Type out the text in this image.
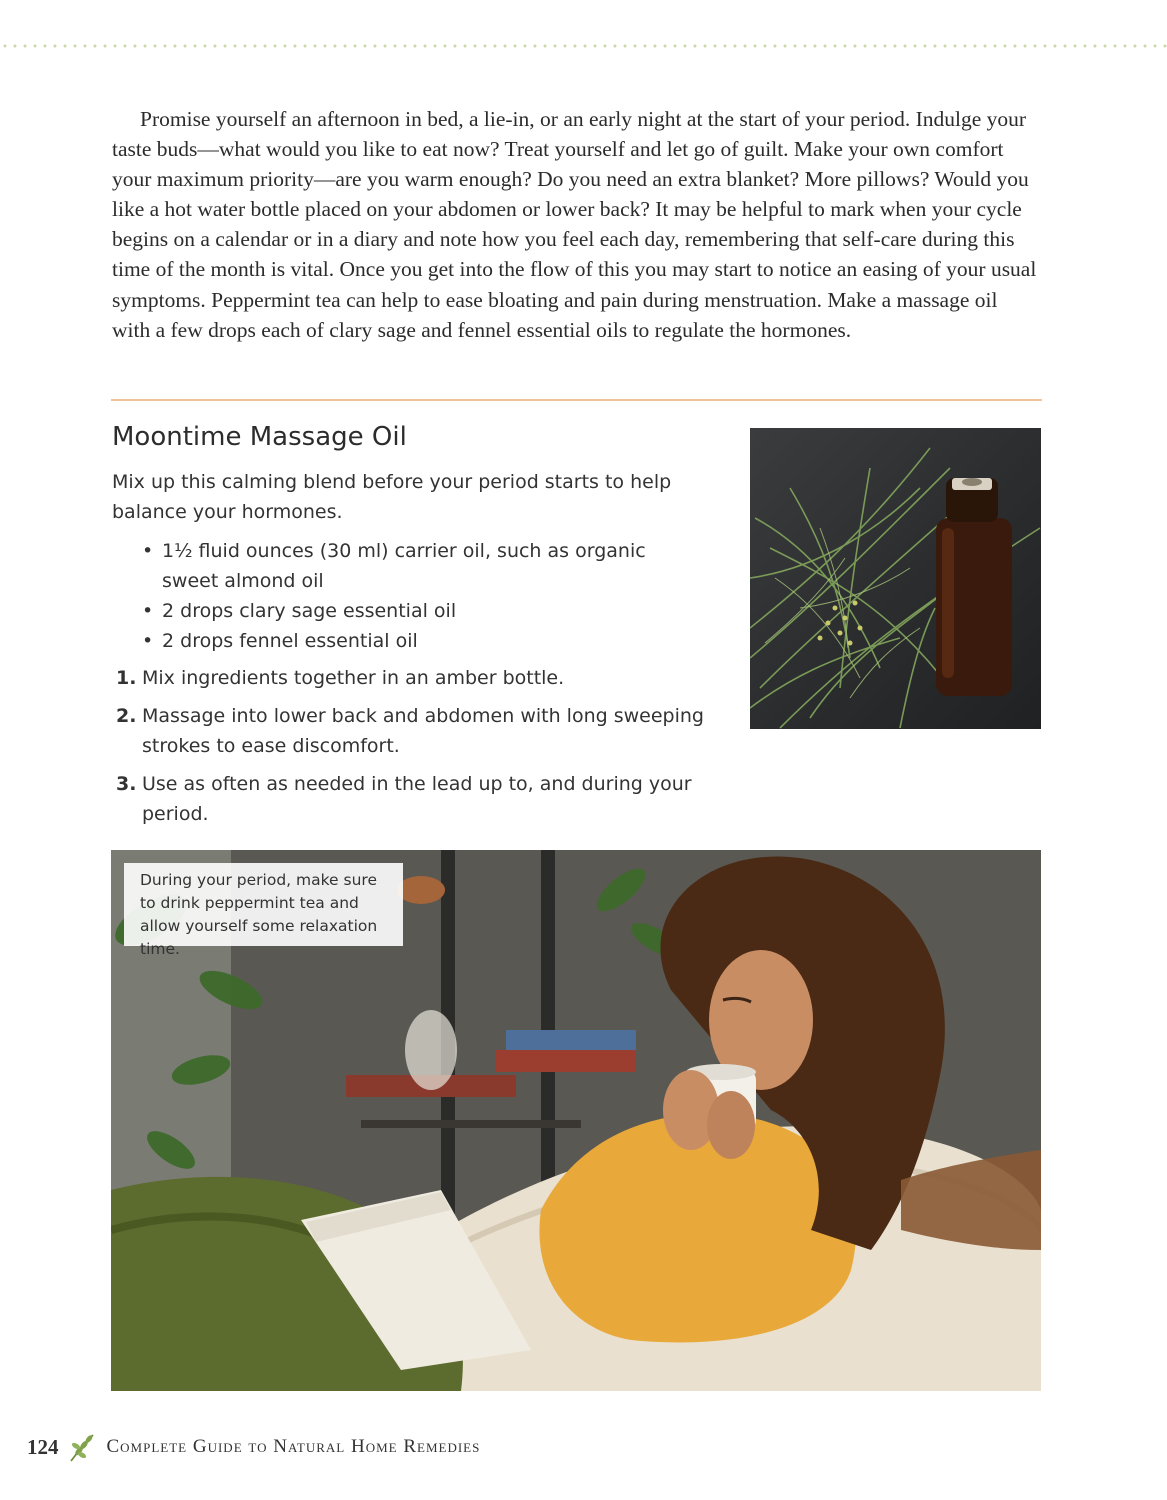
Promise yourself an afternoon in bed, a lie-in, or an early night at the start of your period. Indulge your taste buds—what would you like to eat now? Treat yourself and let go of guilt. Make your own comfort your maximum priority—are you warm enough? Do you need an extra blanket? More pillows? Would you like a hot water bottle placed on your abdomen or lower back? It may be helpful to mark when your cycle begins on a calendar or in a diary and note how you feel each day, remembering that self-care during this time of the month is vital. Once you get into the flow of this you may start to notice an easing of your usual symptoms. Peppermint tea can help to ease bloating and pain during menstruation. Make a massage oil with a few drops each of clary sage and fennel essential oils to regulate the hormones.

Moontime Massage Oil

Mix up this calming blend before your period starts to help balance your hormones.

• 1½ fluid ounces (30 ml) carrier oil, such as organic sweet almond oil
• 2 drops clary sage essential oil
• 2 drops fennel essential oil
1. Mix ingredients together in an amber bottle.
2. Massage into lower back and abdomen with long sweeping strokes to ease discomfort.
3. Use as often as needed in the lead up to, and during your period.
During your period, make sure to drink peppermint tea and allow yourself some relaxation time.
124	Complete Guide to Natural Home Remedies
